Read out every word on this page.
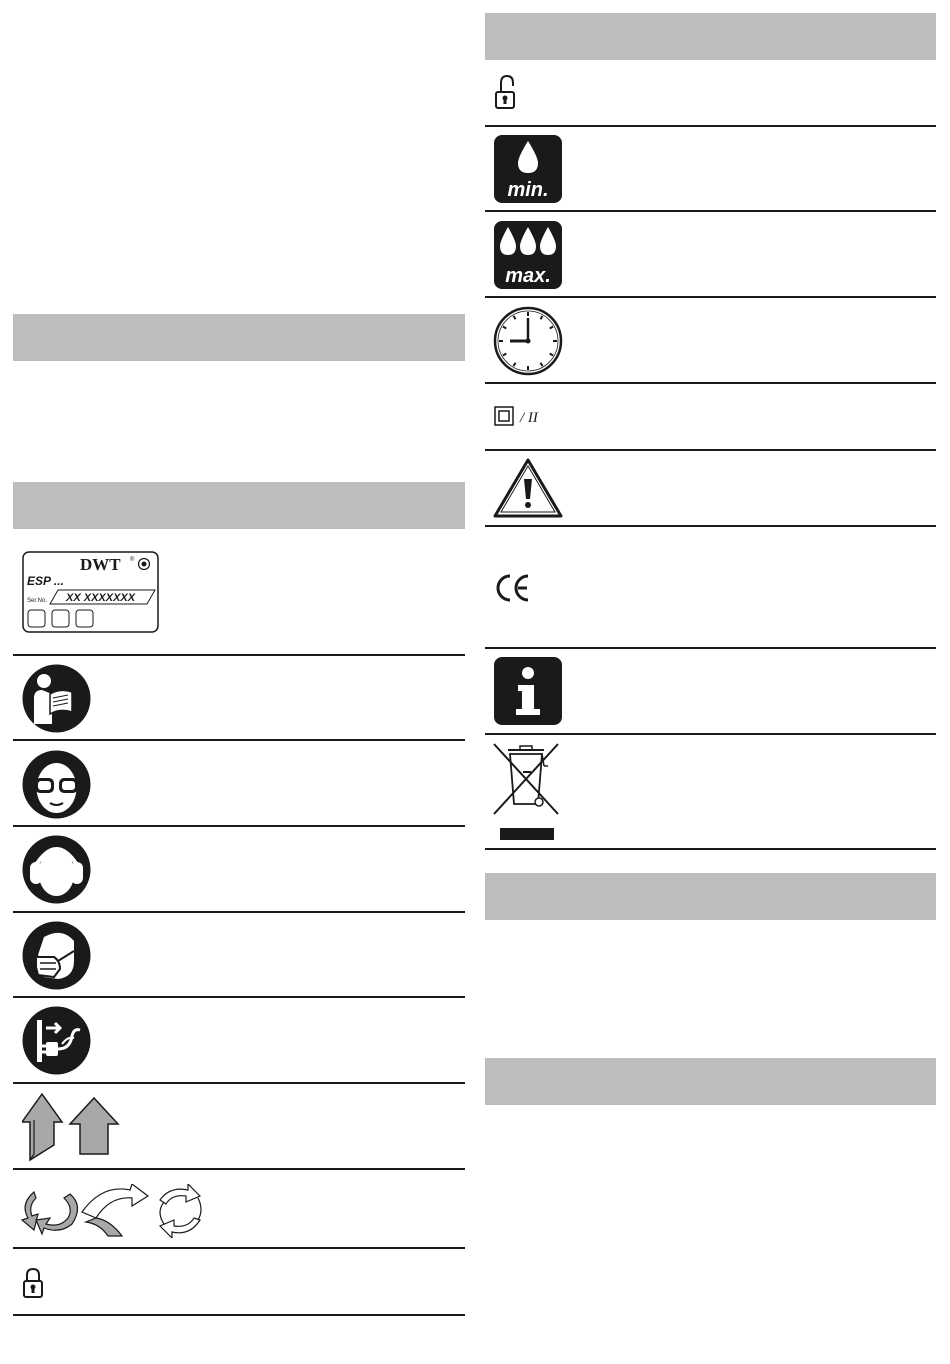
DWT ®
ESP ...
Ser.No. XX XXXXXXX
min.
max.
/ II
